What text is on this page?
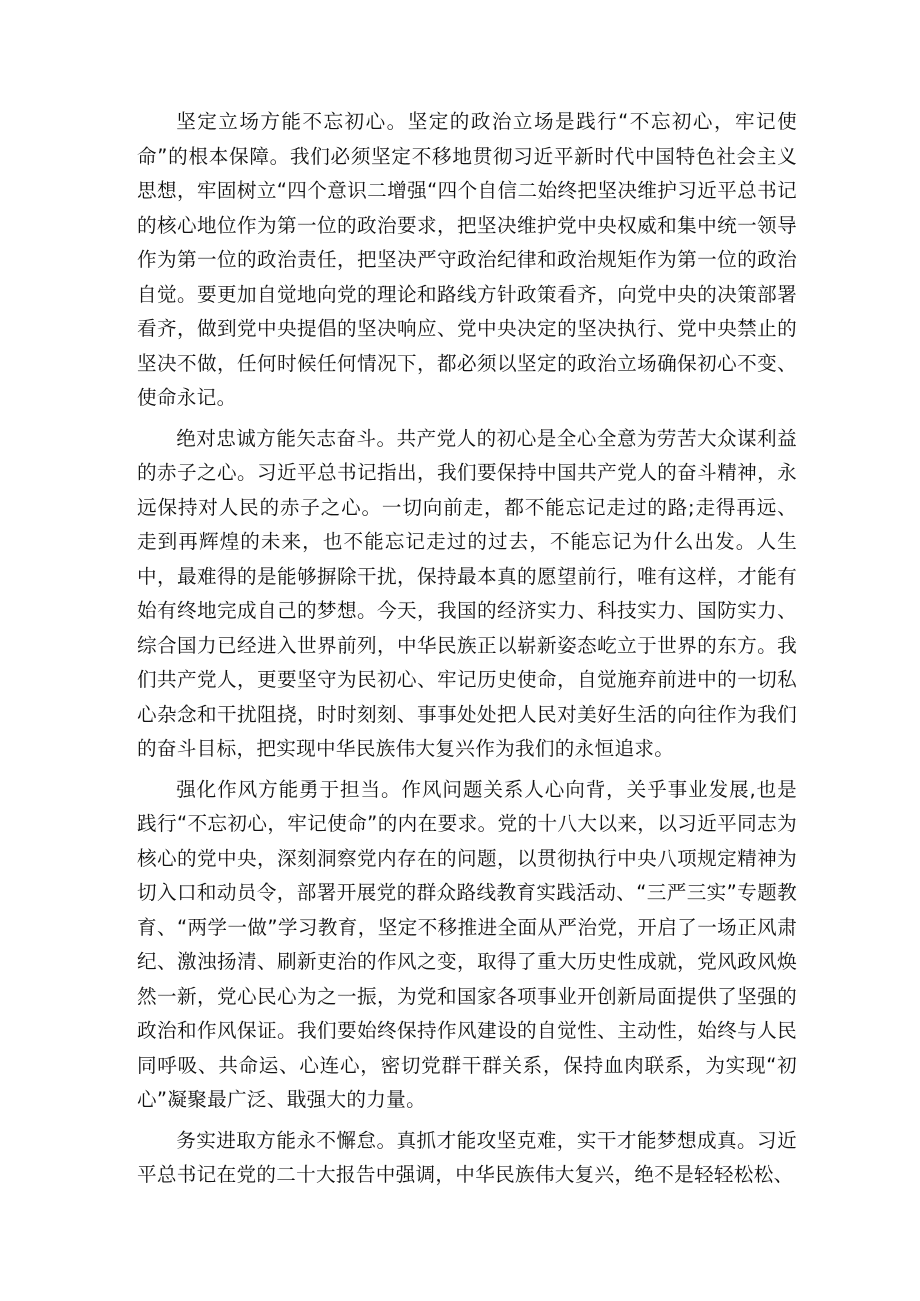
坚定立场方能不忘初心。坚定的政治立场是践行“不忘初心，牢记使命”的根本保障。我们必须坚定不移地贯彻习近平新时代中国特色社会主义思想，牢固树立“四个意识二增强“四个自信二始终把坚决维护习近平总书记的核心地位作为第一位的政治要求，把坚决维护党中央权威和集中统一领导作为第一位的政治责任，把坚决严守政治纪律和政治规矩作为第一位的政治自觉。要更加自觉地向党的理论和路线方针政策看齐，向党中央的决策部署看齐，做到党中央提倡的坚决响应、党中央决定的坚决执行、党中央禁止的坚决不做，任何时候任何情况下，都必须以坚定的政治立场确保初心不变、使命永记。

绝对忠诚方能矢志奋斗。共产党人的初心是全心全意为劳苦大众谋利益的赤子之心。习近平总书记指出，我们要保持中国共产党人的奋斗精神，永远保持对人民的赤子之心。一切向前走，都不能忘记走过的路;走得再远、走到再辉煌的未来，也不能忘记走过的过去，不能忘记为什么出发。人生中，最难得的是能够摒除干扰，保持最本真的愿望前行，唯有这样，才能有始有终地完成自己的梦想。今天，我国的经济实力、科技实力、国防实力、综合国力已经进入世界前列，中华民族正以崭新姿态屹立于世界的东方。我们共产党人，更要坚守为民初心、牢记历史使命，自觉施弃前进中的一切私心杂念和干扰阻挠，时时刻刻、事事处处把人民对美好生活的向往作为我们的奋斗目标，把实现中华民族伟大复兴作为我们的永恒追求。

强化作风方能勇于担当。作风问题关系人心向背，关乎事业发展,也是践行“不忘初心，牢记使命”的内在要求。党的十八大以来，以习近平同志为核心的党中央，深刻洞察党内存在的问题，以贯彻执行中央八项规定精神为切入口和动员令，部署开展党的群众路线教育实践活动、“三严三实”专题教育、“两学一做”学习教育，坚定不移推进全面从严治党，开启了一场正风肃纪、激浊扬清、刷新吏治的作风之变，取得了重大历史性成就，党风政风焕然一新，党心民心为之一振，为党和国家各项事业开创新局面提供了坚强的政治和作风保证。我们要始终保持作风建设的自觉性、主动性，始终与人民同呼吸、共命运、心连心，密切党群干群关系，保持血肉联系，为实现“初心”凝聚最广泛、戢强大的力量。

务实进取方能永不懈怠。真抓才能攻坚克难，实干才能梦想成真。习近平总书记在党的二十大报告中强调，中华民族伟大复兴，绝不是轻轻松松、
